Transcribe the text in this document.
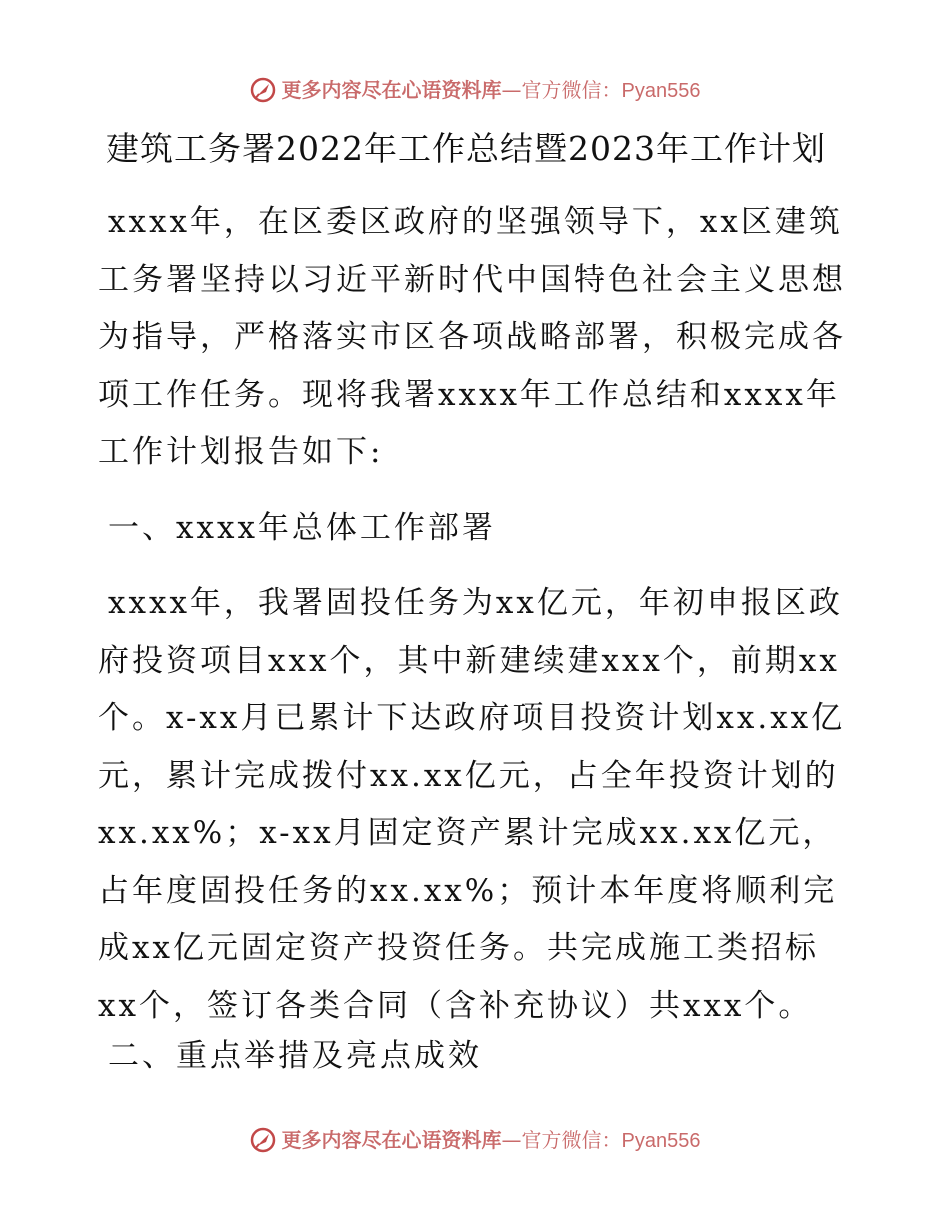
更多内容尽在心语资料库—官方微信：Pyan556
建筑工务署2022年工作总结暨2023年工作计划

xxxx年，在区委区政府的坚强领导下，xx区建筑工务署坚持以习近平新时代中国特色社会主义思想为指导，严格落实市区各项战略部署，积极完成各项工作任务。现将我署xxxx年工作总结和xxxx年工作计划报告如下:

一、xxxx年总体工作部署

xxxx年，我署固投任务为xx亿元，年初申报区政府投资项目xxx个，其中新建续建xxx个，前期xx个。x-xx月已累计下达政府项目投资计划xx.xx亿元，累计完成拨付xx.xx亿元，占全年投资计划的xx.xx%；x-xx月固定资产累计完成xx.xx亿元，占年度固投任务的xx.xx%；预计本年度将顺利完成xx亿元固定资产投资任务。共完成施工类招标xx个，签订各类合同（含补充协议）共xxx个。

二、重点举措及亮点成效
更多内容尽在心语资料库—官方微信：Pyan556
